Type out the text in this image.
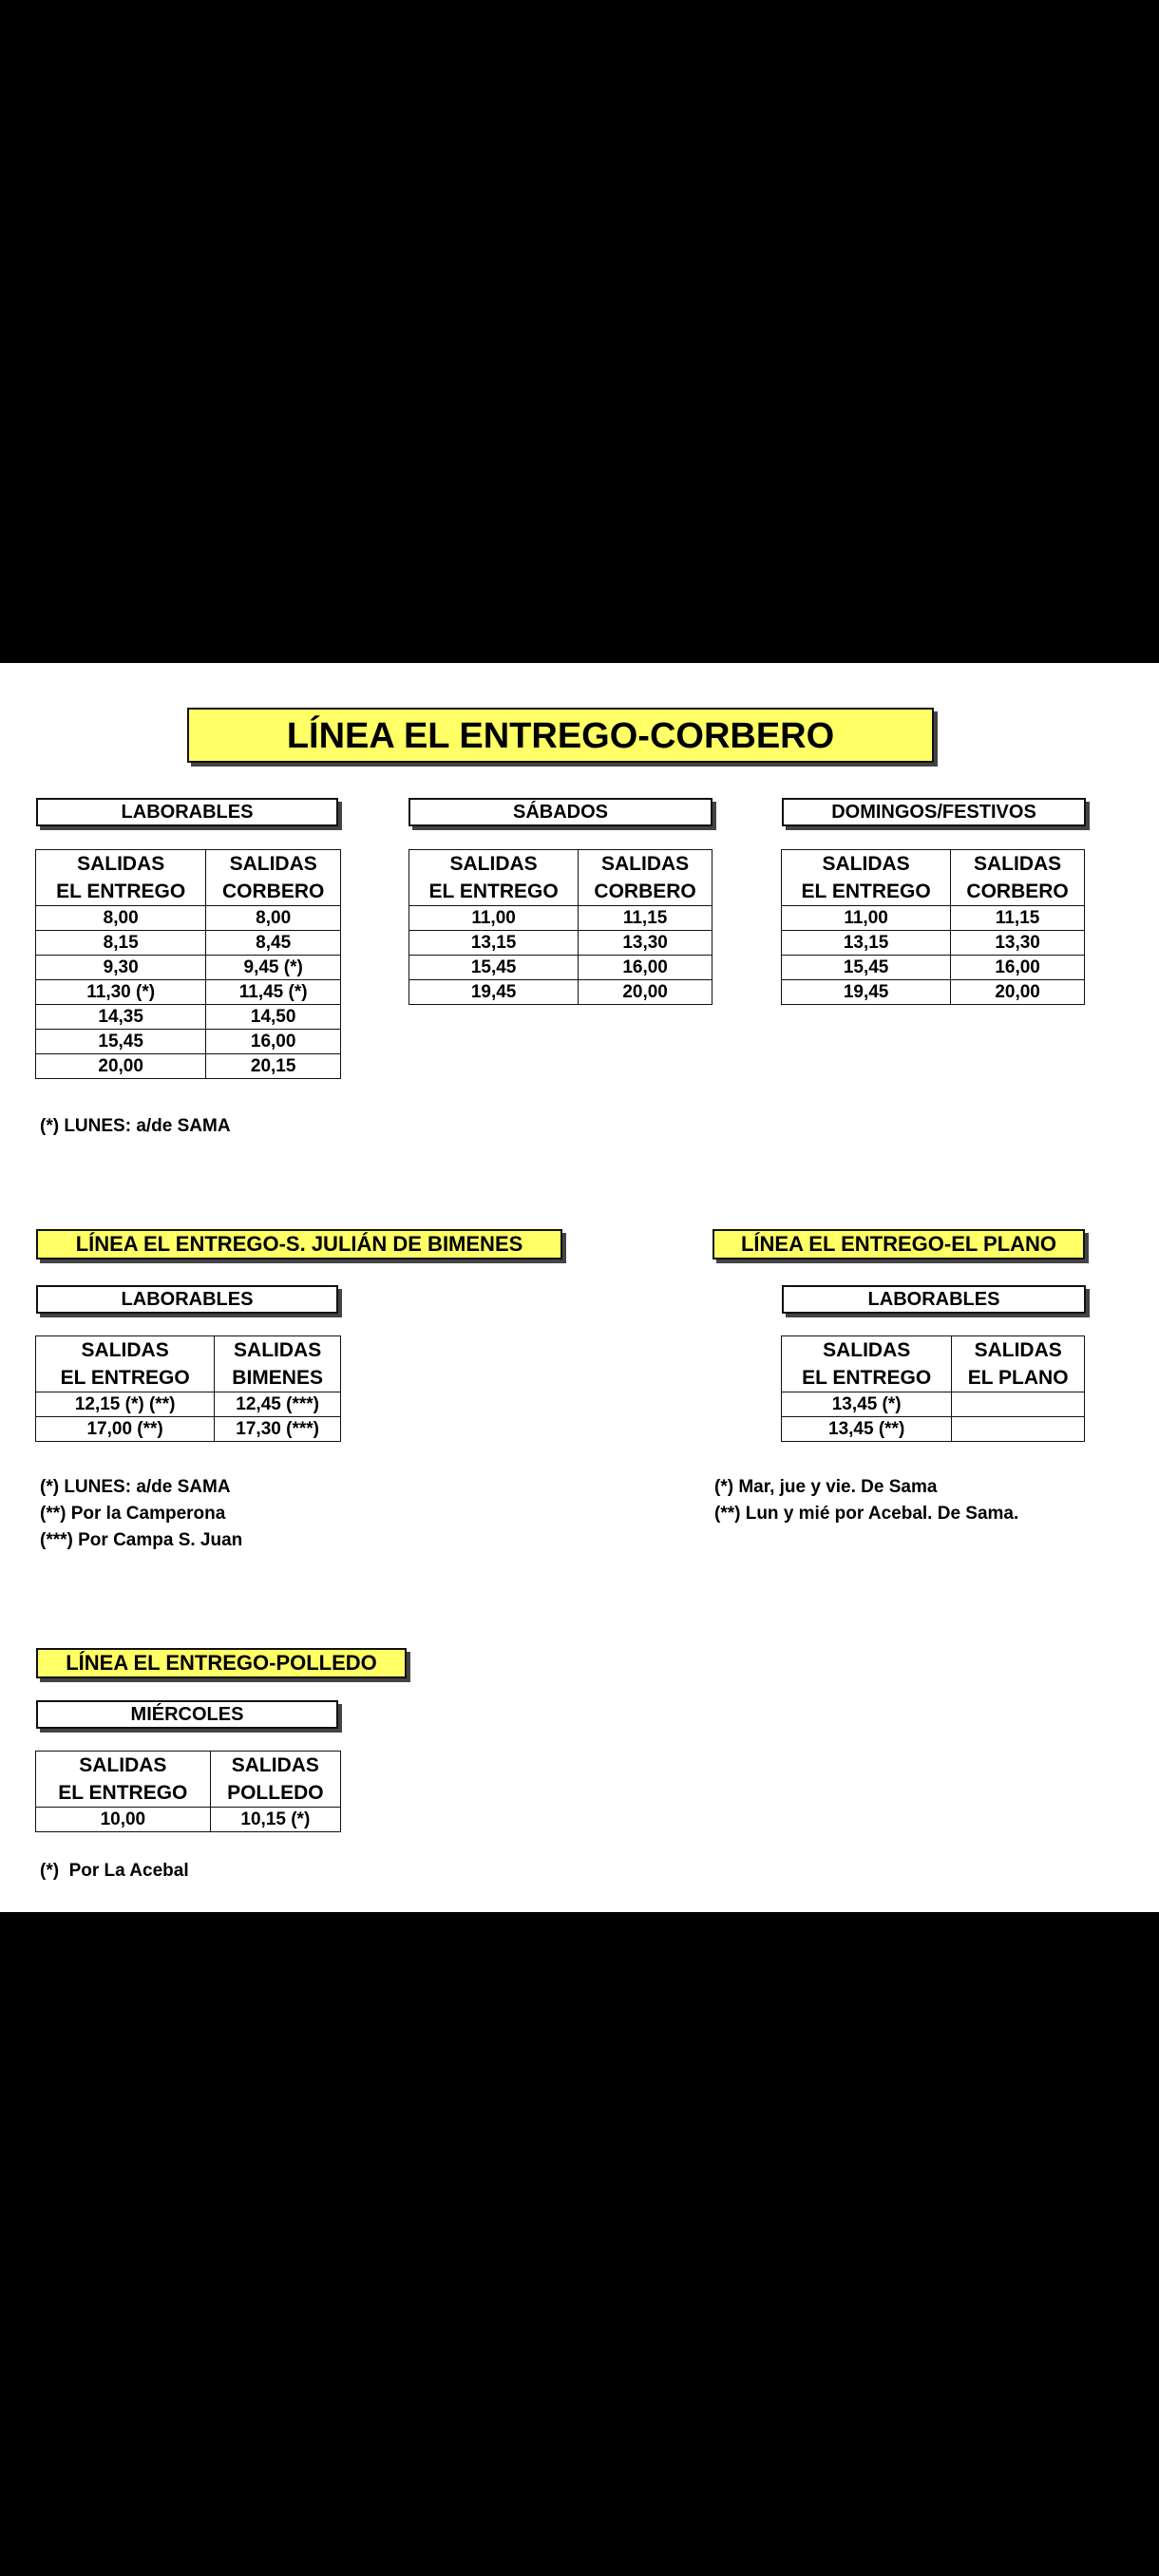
LÍNEA EL ENTREGO-CORBERO
LABORABLES	SÁBADOS	DOMINGOS/FESTIVOS
SALIDAS	SALIDAS
EL ENTREGO	CORBERO
8,00	8,00
8,15	8,45
9,30	9,45 (*)
11,30 (*)	11,45 (*)
14,35	14,50
15,45	16,00
20,00	20,15
SALIDAS	SALIDAS
EL ENTREGO	CORBERO
11,00	11,15
13,15	13,30
15,45	16,00
19,45	20,00
SALIDAS	SALIDAS
EL ENTREGO	CORBERO
11,00	11,15
13,15	13,30
15,45	16,00
19,45	20,00
(*) LUNES: a/de SAMA
LÍNEA EL ENTREGO-S. JULIÁN DE BIMENES
LABORABLES
SALIDAS	SALIDAS
EL ENTREGO	BIMENES
12,15 (*) (**)	12,45 (***)
17,00 (**)	17,30 (***)
(*) LUNES: a/de SAMA
(**) Por la Camperona
(***) Por Campa S. Juan
LÍNEA EL ENTREGO-EL PLANO
LABORABLES
SALIDAS	SALIDAS
EL ENTREGO	EL PLANO
13,45 (*)	
13,45 (**)	
(*) Mar, jue y vie. De Sama
(**) Lun y mié por Acebal. De Sama.
LÍNEA EL ENTREGO-POLLEDO
MIÉRCOLES
SALIDAS	SALIDAS
EL ENTREGO	POLLEDO
10,00	10,15 (*)
(*)  Por La Acebal
